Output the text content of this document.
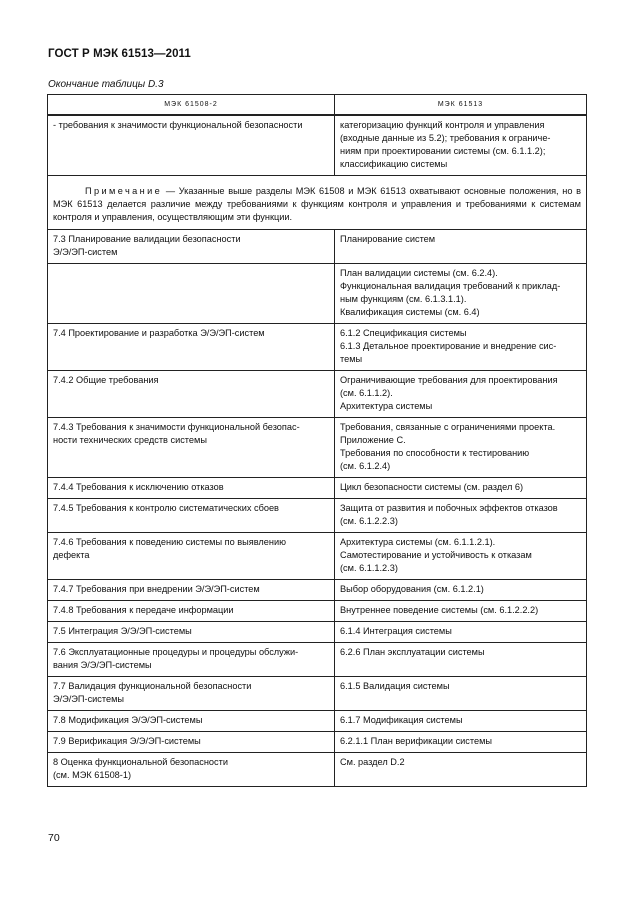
ГОСТ Р МЭК 61513—2011
Окончание таблицы D.3
МЭК 61508-2	МЭК 61513
- требования к значимости функциональной безопасности	категоризацию функций контроля и управления
(входные данные из 5.2); требования к ограниче-
ниям при проектировании системы (см. 6.1.1.2);
классификацию системы

Примечание — Указанные выше разделы МЭК 61508 и МЭК 61513 охватывают основные положения, но в МЭК 61513 делается различие между требованиями к функциям контроля и управления и требованиями к системам контроля и управления, осуществляющим эти функции.	

7.3 Планирование валидации безопасности
Э/Э/ЭП-систем	Планирование систем

	План валидации системы (см. 6.2.4).
Функциональная валидация требований к приклад-
ным функциям (см. 6.1.3.1.1).
Квалификация системы (см. 6.4)

7.4 Проектирование и разработка Э/Э/ЭП-систем	6.1.2 Спецификация системы
6.1.3 Детальное проектирование и внедрение сис-
темы

7.4.2 Общие требования	Ограничивающие требования для проектирования
(см. 6.1.1.2).
Архитектура системы

7.4.3 Требования к значимости функциональной безопас-
ности технических средств системы	Требования, связанные с ограничениями проекта.
Приложение С.
Требования по способности к тестированию
(см. 6.1.2.4)

7.4.4 Требования к исключению отказов	Цикл безопасности системы (см. раздел 6)

7.4.5 Требования к контролю систематических сбоев	Защита от развития и побочных эффектов отказов
(см. 6.1.2.2.3)

7.4.6 Требования к поведению системы по выявлению
дефекта	Архитектура системы (см. 6.1.1.2.1).
Самотестирование и устойчивость к отказам
(см. 6.1.1.2.3)

7.4.7 Требования при внедрении Э/Э/ЭП-систем	Выбор оборудования (см. 6.1.2.1)

7.4.8 Требования к передаче информации	Внутреннее поведение системы (см. 6.1.2.2.2)

7.5 Интеграция Э/Э/ЭП-системы	6.1.4 Интеграция системы

7.6 Эксплуатационные процедуры и процедуры обслужи-
вания Э/Э/ЭП-системы	6.2.6 План эксплуатации системы

7.7 Валидация функциональной безопасности
Э/Э/ЭП-системы	6.1.5 Валидация системы

7.8 Модификация Э/Э/ЭП-системы	6.1.7 Модификация системы

7.9 Верификация Э/Э/ЭП-системы	6.2.1.1 План верификации системы

8 Оценка функциональной безопасности
(см. МЭК 61508-1)	См. раздел D.2
70
